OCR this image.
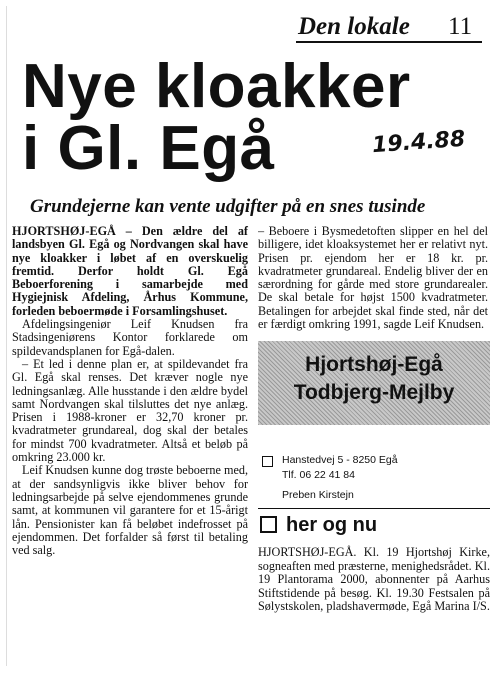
Den lokale 11
Nye kloakker
i Gl. Egå	19.4.88
Grundejerne kan vente udgifter på en snes tusinde

HJORTSHØJ-EGÅ – Den ældre del af landsbyen Gl. Egå og Nordvangen skal have nye kloakker i løbet af en overskuelig fremtid. Derfor holdt Gl. Egå Beboerforening i samarbejde med Hygiejnisk Afdeling, Århus Kommune, forleden beboermøde i Forsamlingshuset.

Afdelingsingeniør Leif Knudsen fra Stadsingeniørens Kontor forklarede om spildevandsplanen for Egå-dalen.

– Et led i denne plan er, at spildevandet fra Gl. Egå skal renses. Det kræver nogle nye ledningsanlæg. Alle husstande i den ældre bydel samt Nordvangen skal tilsluttes det nye anlæg. Prisen i 1988-kroner er 32,70 kroner pr. kvadratmeter grundareal, dog skal der betales for mindst 700 kvadratmeter. Altså et beløb på omkring 23.000 kr.

Leif Knudsen kunne dog trøste beboerne med, at der sandsynligvis ikke bliver behov for ledningsarbejde på selve ejendommenes grunde samt, at kommunen vil garantere for et 15-årigt lån. Pensionister kan få beløbet indefrosset på ejendommen. Det forfalder så først til betaling ved salg.

– Beboere i Bysmedetoften slipper en hel del billigere, idet kloaksystemet her er relativt nyt. Prisen pr. ejendom her er 18 kr. pr. kvadratmeter grundareal. Endelig bliver der en særordning for gårde med store grundarealer. De skal betale for højst 1500 kvadratmeter. Betalingen for arbejdet skal finde sted, når det er færdigt omkring 1991, sagde Leif Knudsen.

Hjortshøj-Egå
Todbjerg-Mejlby
Hanstedvej 5 - 8250 Egå
Tlf. 06 22 41 84
Preben Kirstejn
her og nu
HJORTSHØJ-EGÅ. Kl. 19 Hjortshøj Kirke, sogneaften med præsterne, menighedsrådet. Kl. 19 Plantorama 2000, abonnenter på Aarhus Stiftstidende på besøg. Kl. 19.30 Festsalen på Sølystskolen, pladshavermøde, Egå Marina I/S.
